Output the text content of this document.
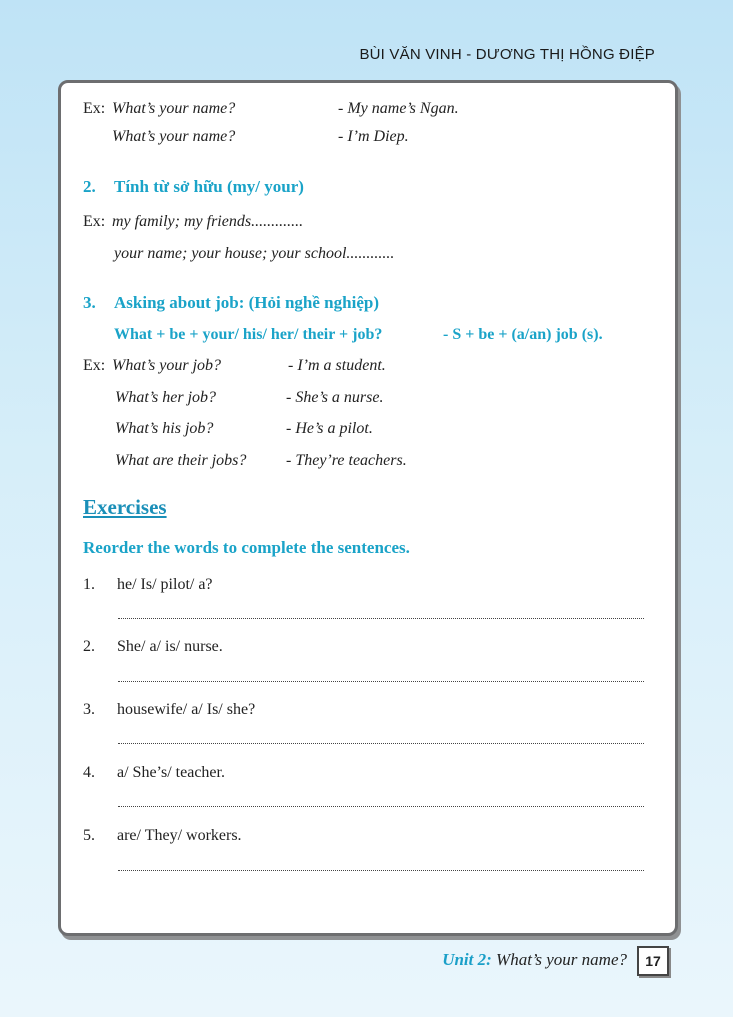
BÙI VĂN VINH - DƯƠNG THỊ HỒNG ĐIỆP
Ex: What’s your name?	- My name’s Ngan.
What’s your name?	- I’m Diep.
2. Tính từ sở hữu (my/ your)
Ex: my family; my friends.............
your name; your house; your school............
3. Asking about job: (Hỏi nghề nghiệp)
What + be + your/ his/ her/ their + job?	- S + be + (a/an) job (s).
Ex: What’s your job?	- I’m a student.
What’s her job?	- She’s a nurse.
What’s his job?	- He’s a pilot.
What are their jobs? - They’re teachers.
Exercises
Reorder the words to complete the sentences.
1. he/ Is/ pilot/ a?
2. She/ a/ is/ nurse.
3. housewife/ a/ Is/ she?
4. a/ She’s/ teacher.
5. are/ They/ workers.
Unit 2: What’s your name?	17
